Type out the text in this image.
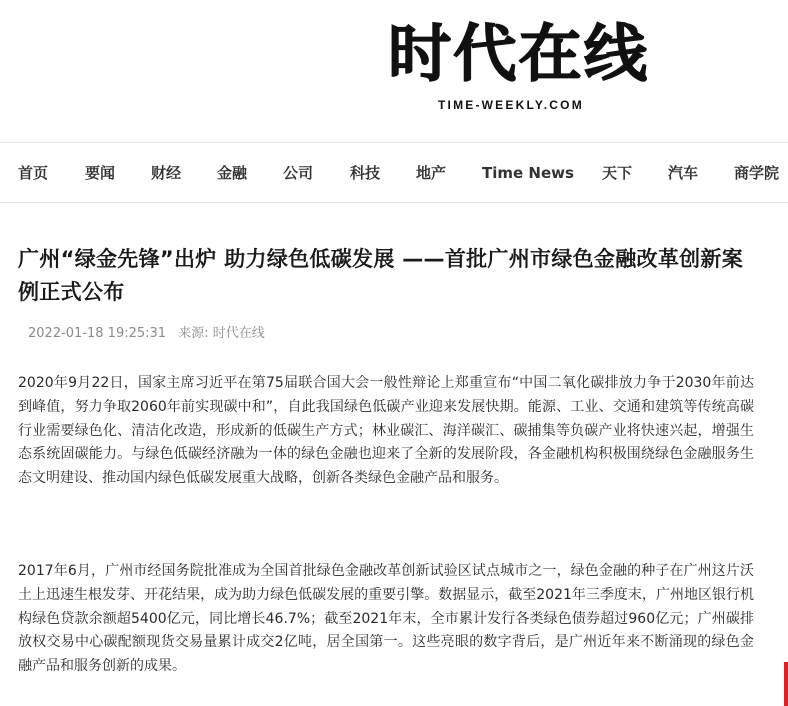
时代在线
TIME-WEEKLY.COM
首页 要闻 财经 金融 公司 科技 地产 Time News 天下 汽车 商学院
广州“绿金先锋”出炉 助力绿色低碳发展 ——首批广州市绿色金融改革创新案例正式公布
2022-01-18 19:25:31 来源: 时代在线

2020年9月22日，国家主席习近平在第75届联合国大会一般性辩论上郑重宣布“中国二氧化碳排放力争于2030年前达到峰值，努力争取2060年前实现碳中和”，自此我国绿色低碳产业迎来发展快期。能源、工业、交通和建筑等传统高碳行业需要绿色化、清洁化改造，形成新的低碳生产方式；林业碳汇、海洋碳汇、碳捕集等负碳产业将快速兴起，增强生态系统固碳能力。与绿色低碳经济融为一体的绿色金融也迎来了全新的发展阶段，各金融机构积极围绕绿色金融服务生态文明建设、推动国内绿色低碳发展重大战略，创新各类绿色金融产品和服务。

2017年6月，广州市经国务院批准成为全国首批绿色金融改革创新试验区试点城市之一，绿色金融的种子在广州这片沃土上迅速生根发芽、开花结果，成为助力绿色低碳发展的重要引擎。数据显示，截至2021年三季度末，广州地区银行机构绿色贷款余额超5400亿元，同比增长46.7%；截至2021年末，全市累计发行各类绿色债券超过960亿元；广州碳排放权交易中心碳配额现货交易量累计成交2亿吨，居全国第一。这些亮眼的数字背后，是广州近年来不断涌现的绿色金融产品和服务创新的成果。
